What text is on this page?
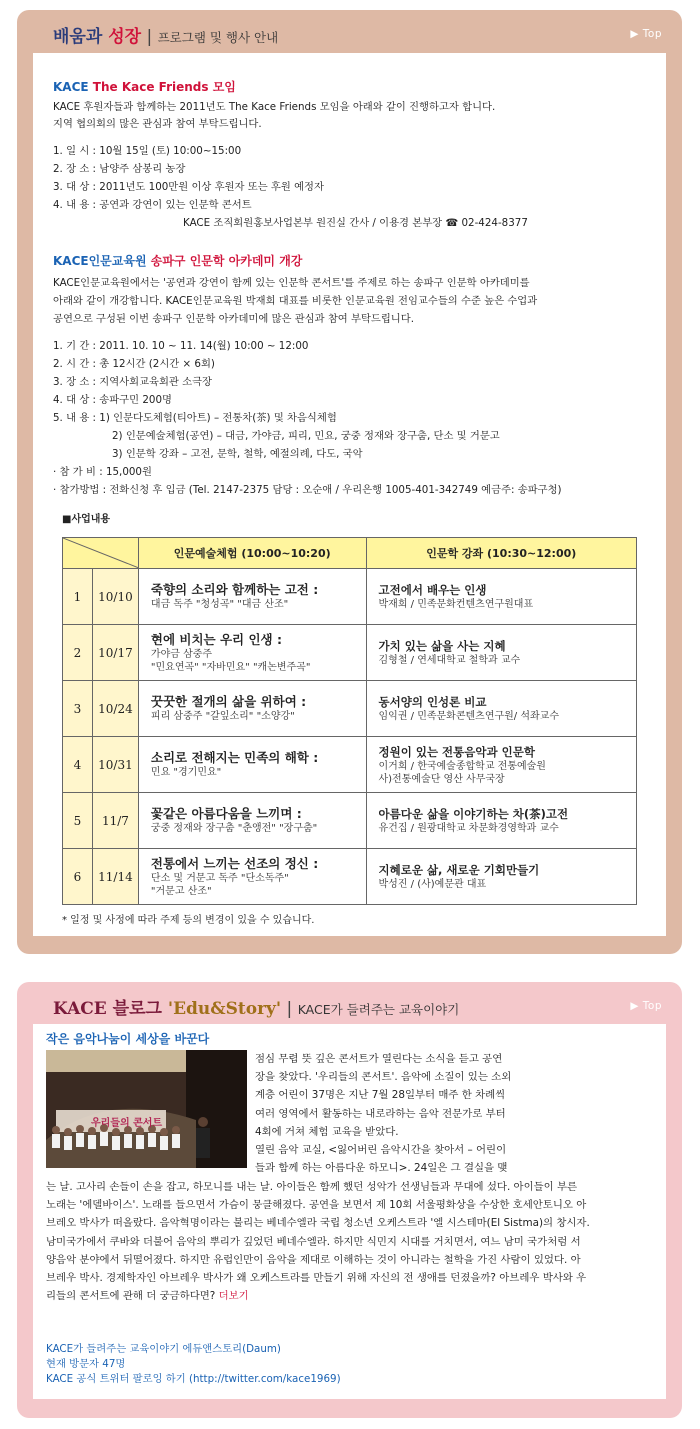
배움과 성장 | 프로그램 및 행사 안내	▶ Top
KACE The Kace Friends 모임
KACE 후원자들과 함께하는 2011년도 The Kace Friends 모임을 아래와 같이 진행하고자 합니다.
지역 협의회의 많은 관심과 참여 부탁드립니다.
1. 일 시 : 10월 15일 (토) 10:00~15:00
2. 장 소 : 남양주 삼봉리 농장
3. 대 상 : 2011년도 100만원 이상 후원자 또는 후원 예정자
4. 내 용 : 공연과 강연이 있는 인문학 콘서트
KACE 조직회원홍보사업본부 원진실 간사 / 이용경 본부장 ☎ 02-424-8377
KACE인문교육원 송파구 인문학 아카데미 개강
KACE인문교육원에서는 '공연과 강연이 함께 있는 인문학 콘서트'를 주제로 하는 송파구 인문학 아카데미를
아래와 같이 개강합니다. KACE인문교육원 박재희 대표를 비롯한 인문교육원 전임교수들의 수준 높은 수업과
공연으로 구성된 이번 송파구 인문학 아카데미에 많은 관심과 참여 부탁드립니다.
1. 기 간 : 2011. 10. 10 ~ 11. 14(월) 10:00 ~ 12:00
2. 시 간 : 총 12시간 (2시간 × 6회)
3. 장 소 : 지역사회교육회관 소극장
4. 대 상 : 송파구민 200명
5. 내 용 : 1) 인문다도체험(티아트) – 전통차(茶) 및 차음식체험
2) 인문예술체험(공연) – 대금, 가야금, 피리, 민요, 궁중 정재와 장구춤, 단소 및 거문고
3) 인문학 강좌 – 고전, 문학, 철학, 예절의례, 다도, 국악
· 참 가 비 : 15,000원
· 참가방법 : 전화신청 후 입금 (Tel. 2147-2375 담당 : 오순애 / 우리은행 1005-401-342749 예금주: 송파구청)
■사업내용
	인문예술체험 (10:00~10:20)	인문학 강좌 (10:30~12:00)
1	10/10	죽향의 소리와 함께하는 고전 :
대금 독주 "청성곡" "대금 산조"	고전에서 배우는 인생
박재희 / 민족문화컨텐츠연구원대표

2	10/17	현에 비치는 우리 인생 :
가야금 삼중주
"민요연곡" "자바민요" "캐논변주곡"	가치 있는 삶을 사는 지혜
김형철 / 연세대학교 철학과 교수

3	10/24	꿋꿋한 절개의 삶을 위하여 :
피리 삼중주 "갈잎소리" "소양강"	동서양의 인성론 비교
임익권 / 민족문화콘텐츠연구원/ 석좌교수

4	10/31	소리로 전해지는 민족의 해학 :
민요 "경기민요"	정원이 있는 전통음악과 인문학
이거희 / 한국예술종합학교 전통예술원
사)전통예술단 영산 사무국장

5	11/7	꽃같은 아름다움을 느끼며 :
궁중 정재와 장구춤 "춘앵전" "장구춤"	아름다운 삶을 이야기하는 차(茶)고전
유건집 / 원광대학교 차문화경영학과 교수

6	11/14	전통에서 느끼는 선조의 정신 :
단소 및 거문고 독주 "단소독주"
"거문고 산조"	지혜로운 삶, 새로운 기회만들기
박성진 / (사)예문관 대표
* 일정 및 사정에 따라 주제 등의 변경이 있을 수 있습니다.
KACE 블로그 'Edu&Story' | KACE가 들려주는 교육이야기	▶ Top
작은 음악나눔이 세상을 바꾼다
우리들의 콘서트
점심 무렵 뜻 깊은 콘서트가 열린다는 소식을 듣고 공연
장을 찾았다. '우리들의 콘서트'. 음악에 소질이 있는 소외
계층 어린이 37명은 지난 7월 28일부터 매주 한 차례씩
여러 영역에서 활동하는 내로라하는 음악 전문가로 부터
4회에 거쳐 체험 교육을 받았다.
열린 음악 교실, <잃어버린 음악시간을 찾아서 – 어린이
들과 함께 하는 아름다운 하모니>. 24일은 그 결실을 맺
는 날. 고사리 손들이 손을 잡고, 하모니를 내는 날. 아이들은 함께 했던 성악가 선생님들과 무대에 섰다. 아이들이 부른
노래는 '에델바이스'. 노래를 들으면서 가슴이 뭉클해졌다. 공연을 보면서 제 10회 서울평화상을 수상한 호세안토니오 아
브레오 박사가 떠올랐다. 음악혁명이라는 불리는 베네수엘라 국립 청소년 오케스트라 '엘 시스테마(El Sistma)의 창시자.
남미국가에서 쿠바와 더불어 음악의 뿌리가 깊었던 베네수엘라. 하지만 식민지 시대를 거치면서, 여느 남미 국가처럼 서
양음악 분야에서 뒤떨어졌다. 하지만 유럽인만이 음악을 제대로 이해하는 것이 아니라는 철학을 가진 사람이 있었다. 아
브레우 박사. 경제학자인 아브레우 박사가 왜 오케스트라를 만들기 위해 자신의 전 생애를 던졌을까? 아브레우 박사와 우
리들의 콘서트에 관해 더 궁금하다면? 더보기
KACE가 들려주는 교육이야기 에듀앤스토리(Daum)
현재 방문자 47명
KACE 공식 트위터 팔로잉 하기 (http://twitter.com/kace1969)
